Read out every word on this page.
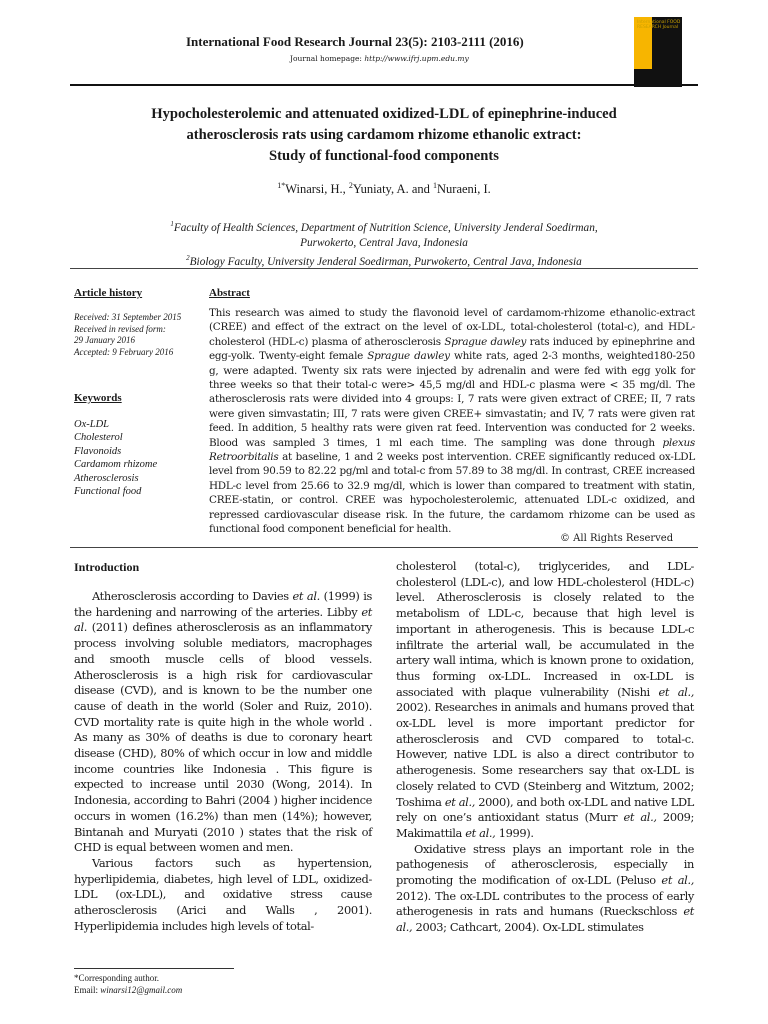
International Food Research Journal 23(5): 2103-2111 (2016)
Journal homepage: http://www.ifrj.upm.edu.my
International FOOD RESEARCH Journal
Hypocholesterolemic and attenuated oxidized-LDL of epinephrine-induced
atherosclerosis rats using cardamom rhizome ethanolic extract:
Study of functional-food components
$^{1*}$Winarsi, H., $^2$Yuniaty, A. and $^1$Nuraeni, I.
$^1$Faculty of Health Sciences, Department of Nutrition Science, University Jenderal Soedirman,
Purwokerto, Central Java, Indonesia
$^2$Biology Faculty, University Jenderal Soedirman, Purwokerto, Central Java, Indonesia
Article history
Received: 31 September 2015
Received in revised form:
29 January 2016
Accepted: 9 February 2016
Keywords
Ox-LDL
Cholesterol
Flavonoids
Cardamom rhizome
Atherosclerosis
Functional food
Abstract
This research was aimed to study the flavonoid level of cardamom-rhizome ethanolic-extract (CREE) and effect of the extract on the level of ox-LDL, total-cholesterol (total-c), and HDL-cholesterol (HDL-c) plasma of atherosclerosis Sprague dawley rats induced by epinephrine and egg-yolk. Twenty-eight female Sprague dawley white rats, aged 2-3 months, weighted180-250 g, were adapted. Twenty six rats were injected by adrenalin and were fed with egg yolk for three weeks so that their total-c were> 45,5 mg/dl and HDL-c plasma were < 35 mg/dl. The atherosclerosis rats were divided into 4 groups: I, 7 rats were given extract of CREE; II, 7 rats were given simvastatin; III, 7 rats were given CREE+ simvastatin; and IV, 7 rats were given rat feed. In addition, 5 healthy rats were given rat feed. Intervention was conducted for 2 weeks. Blood was sampled 3 times, 1 ml each time. The sampling was done through plexus Retroorbitalis at baseline, 1 and 2 weeks post intervention. CREE significantly reduced ox-LDL level from 90.59 to 82.22 pg/ml and total-c from 57.89 to 38 mg/dl. In contrast, CREE increased HDL-c level from 25.66 to 32.9 mg/dl, which is lower than compared to treatment with statin, CREE-statin, or control. CREE was hypocholesterolemic, attenuated LDL-c oxidized, and repressed cardiovascular disease risk. In the future, the cardamom rhizome can be used as functional food component beneficial for health.
© All Rights Reserved
Introduction

Atherosclerosis according to Davies et al. (1999) is the hardening and narrowing of the arteries. Libby et al. (2011) defines atherosclerosis as an inflammatory process involving soluble mediators, macrophages and smooth muscle cells of blood vessels. Atherosclerosis is a high risk for cardiovascular disease (CVD), and is known to be the number one cause of death in the world (Soler and Ruiz, 2010). CVD mortality rate is quite high in the whole world . As many as 30% of deaths is due to coronary heart disease (CHD), 80% of which occur in low and middle income countries like Indonesia . This figure is expected to increase until 2030 (Wong, 2014). In Indonesia, according to Bahri (2004 ) higher incidence occurs in women (16.2%) than men (14%); however, Bintanah and Muryati (2010 ) states that the risk of CHD is equal between women and men.

Various factors such as hypertension, hyperlipidemia, diabetes, high level of LDL, oxidized-LDL (ox-LDL), and oxidative stress cause atherosclerosis (Arici and Walls , 2001). Hyperlipidemia includes high levels of total-

cholesterol (total-c), triglycerides, and LDL-cholesterol (LDL-c), and low HDL-cholesterol (HDL-c) level. Atherosclerosis is closely related to the metabolism of LDL-c, because that high level is important in atherogenesis. This is because LDL-c infiltrate the arterial wall, be accumulated in the artery wall intima, which is known prone to oxidation, thus forming ox-LDL. Increased in ox-LDL is associated with plaque vulnerability (Nishi et al., 2002). Researches in animals and humans proved that ox-LDL level is more important predictor for atherosclerosis and CVD compared to total-c. However, native LDL is also a direct contributor to atherogenesis. Some researchers say that ox-LDL is closely related to CVD (Steinberg and Witztum, 2002; Toshima et al., 2000), and both ox-LDL and native LDL rely on one’s antioxidant status (Murr et al., 2009; Makimattila et al., 1999).

Oxidative stress plays an important role in the pathogenesis of atherosclerosis, especially in promoting the modification of ox-LDL (Peluso et al., 2012). The ox-LDL contributes to the process of early atherogenesis in rats and humans (Rueckschloss et al., 2003; Cathcart, 2004). Ox-LDL stimulates

*Corresponding author.
Email: winarsi12@gmail.com
